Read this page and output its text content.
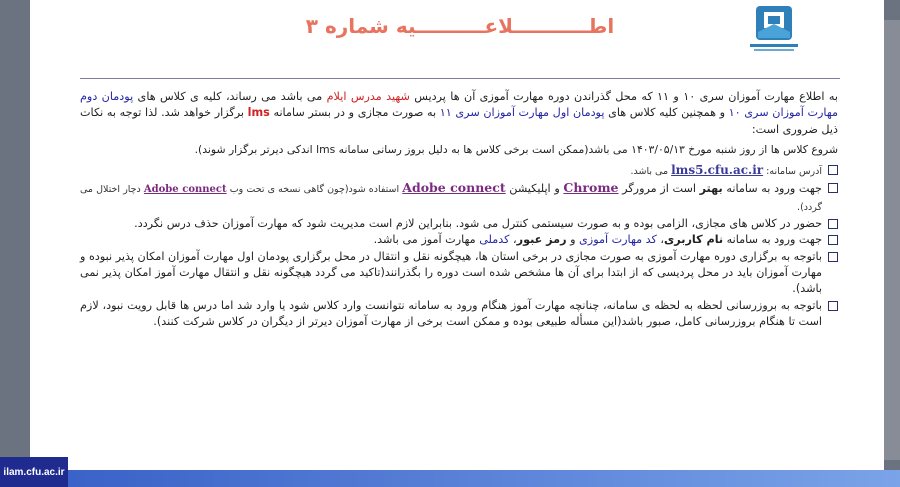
اطـــــــــــلاعــــــــــيه شماره ۳

به اطلاع مهارت آموزان سری ۱۰ و ۱۱ که محل گذراندن دوره مهارت آموزی آن ها پردیس شهید مدرس ایلام می باشد می رساند، کلیه ی کلاس های پودمان دوم مهارت آموزان سری ۱۰ و همچنین کلیه کلاس های پودمان اول مهارت آموزان سری ۱۱ به صورت مجازی و در بستر سامانه lms برگزار خواهد شد. لذا توجه به نکات ذیل ضروری است:

شروع کلاس ها از روز شنبه مورخ ۱۴۰۳/۰۵/۱۳ می باشد(ممکن است برخی کلاس ها به دلیل بروز رسانی سامانه lms اندکی دیرتر برگزار شوند).

آدرس سامانه: lms5.cfu.ac.ir می باشد.
جهت ورود به سامانه بهتر است از مرورگر Chrome و اپلیکیشن Adobe connect استفاده شود(چون گاهی نسخه ی تحت وب Adobe connect دچار اختلال می گردد).
حضور در کلاس های مجازی، الزامی بوده و به صورت سیستمی کنترل می شود. بنابراین لازم است مدیریت شود که مهارت آموزان حذف درس نگردد.
جهت ورود به سامانه نام کاربری، کد مهارت آموزی و رمز عبور، کدملی مهارت آموز می باشد.
باتوجه به برگزاری دوره مهارت آموزی به صورت مجازی در برخی استان ها، هیچگونه نقل و انتقال در محل برگزاری پودمان اول مهارت آموزان امکان پذیر نبوده و مهارت آموزان باید در محل پردیسی که از ابتدا برای آن ها مشخص شده است دوره را بگذرانند(تاکید می گردد هیچگونه نقل و انتقال مهارت آموز امکان پذیر نمی باشد).
باتوجه به بروزرسانی لحظه به لحظه ی سامانه، چنانچه مهارت آموز هنگام ورود به سامانه نتوانست وارد کلاس شود یا وارد شد اما درس ها قابل رویت نبود، لازم است تا هنگام بروزرسانی کامل، صبور باشد(این مسأله طبیعی بوده و ممکن است برخی از مهارت آموزان دیرتر از دیگران در کلاس شرکت کنند).
ilam.cfu.ac.ir
